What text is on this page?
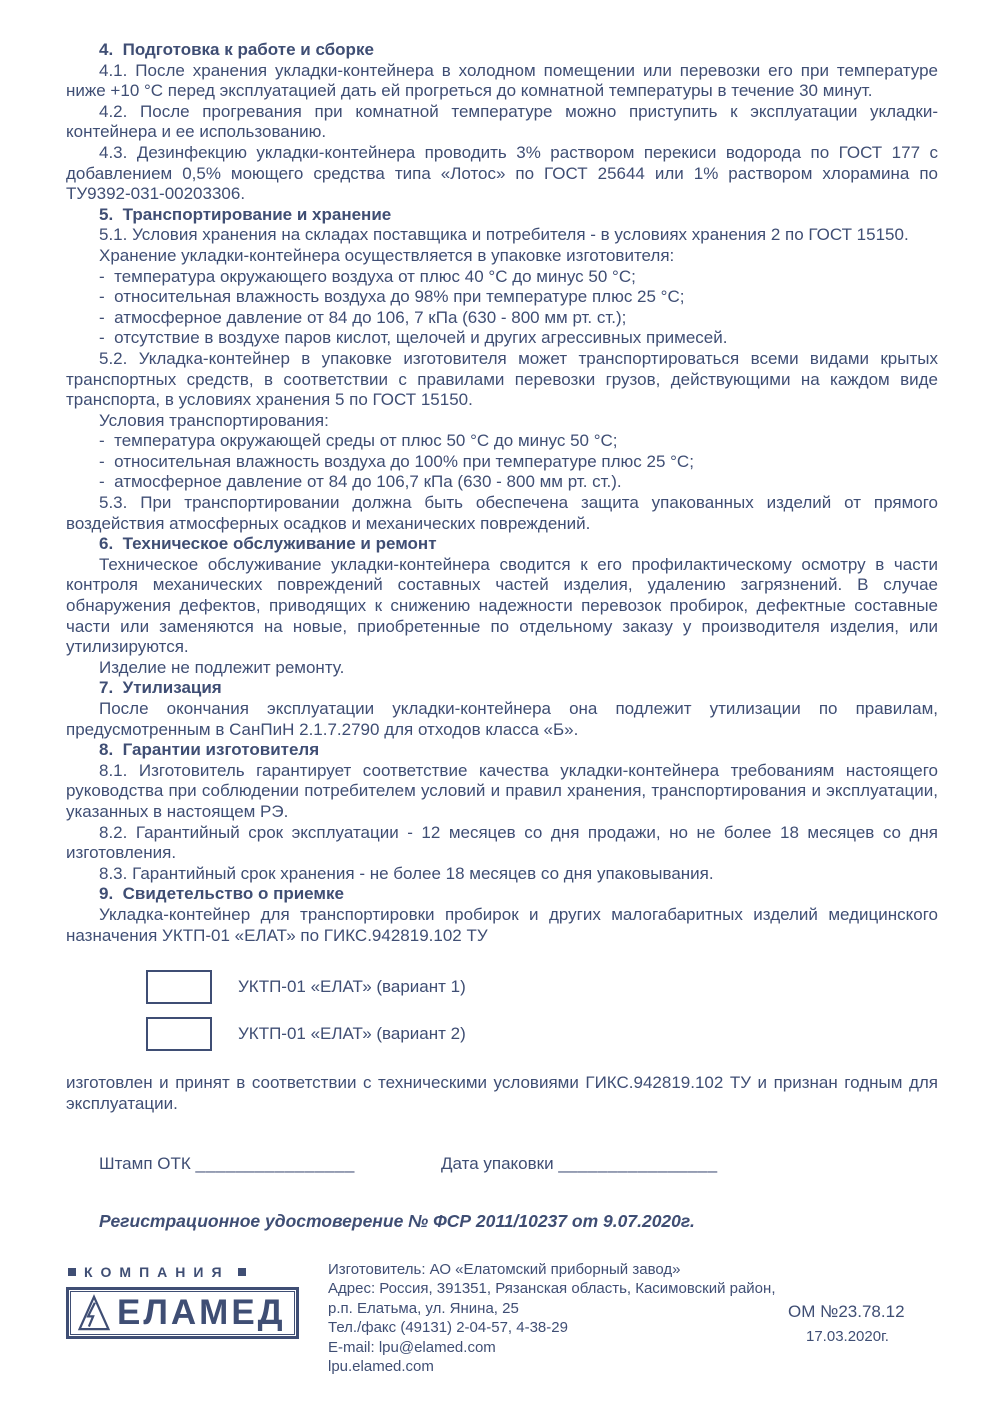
4.  Подготовка к работе и сборке

4.1. После хранения укладки-контейнера в холодном помещении или перевозки его при температуре ниже +10 °С перед эксплуатацией дать ей прогреться до комнатной температуры в течение 30 минут.

4.2. После прогревания при комнатной температуре можно приступить к эксплуатации укладки-контейнера и ее использованию.

4.3. Дезинфекцию укладки-контейнера проводить 3% раствором перекиси водорода по ГОСТ 177 с добавлением 0,5% моющего средства типа «Лотос» по ГОСТ 25644 или 1% раствором хлорамина по ТУ9392-031-00203306.

5.  Транспортирование и хранение

5.1. Условия хранения на складах поставщика и потребителя - в условиях хранения 2 по ГОСТ 15150.

Хранение укладки-контейнера осуществляется в упаковке изготовителя:

-  температура окружающего воздуха от плюс 40 °С до минус 50 °С;
-  относительная влажность воздуха до 98% при температуре плюс 25 °С;
-  атмосферное давление от 84 до 106, 7 кПа (630 - 800 мм рт. ст.);
-  отсутствие в воздухе паров кислот, щелочей и других агрессивных примесей.

5.2. Укладка-контейнер в упаковке изготовителя может транспортироваться всеми видами крытых транспортных средств, в соответствии с правилами перевозки грузов, действующими на каждом виде транспорта, в условиях хранения 5 по ГОСТ 15150.

Условия транспортирования:

-  температура окружающей среды от плюс 50 °С до минус 50 °С;
-  относительная влажность воздуха до 100% при температуре плюс 25 °С;
-  атмосферное давление от 84 до 106,7 кПа (630 - 800 мм рт. ст.).

5.3. При транспортировании должна быть обеспечена защита упакованных изделий от прямого воздействия атмосферных осадков и механических повреждений.

6.  Техническое обслуживание и ремонт

Техническое обслуживание укладки-контейнера сводится к его профилактическому осмотру в части контроля механических повреждений составных частей изделия, удалению загрязнений. В случае обнаружения дефектов, приводящих к снижению надежности перевозок пробирок, дефектные составные части или заменяются на новые, приобретенные по отдельному заказу у производителя изделия, или утилизируются.

Изделие не подлежит ремонту.

7.  Утилизация

После окончания эксплуатации укладки-контейнера она подлежит утилизации по правилам, предусмотренным в СанПиН 2.1.7.2790 для отходов класса «Б».

8.  Гарантии изготовителя

8.1. Изготовитель гарантирует соответствие качества укладки-контейнера требованиям настоящего руководства при соблюдении потребителем условий и правил хранения, транспортирования и эксплуатации, указанных в настоящем РЭ.

8.2. Гарантийный срок эксплуатации - 12 месяцев со дня продажи, но не более 18 месяцев со дня изготовления.

8.3. Гарантийный срок хранения - не более 18 месяцев со дня упаковывания.

9.  Свидетельство о приемке

Укладка-контейнер для транспортировки пробирок и других малогабаритных изделий медицинского назначения УКТП-01 «ЕЛАТ» по ГИКС.942819.102 ТУ

УКТП-01 «ЕЛАТ» (вариант 1)
УКТП-01 «ЕЛАТ» (вариант 2)

изготовлен и принят в соответствии с техническими условиями ГИКС.942819.102 ТУ и признан годным для эксплуатации.

Штамп ОТК ________________	Дата упаковки ________________

Регистрационное удостоверение № ФСР 2011/10237 от 9.07.2020г.

КОМПАНИЯ
ЕЛАМЕД
Изготовитель: АО «Елатомский приборный завод»
Адрес: Россия, 391351, Рязанская область, Касимовский район,
р.п. Елатьма, ул. Янина, 25
Тел./факс (49131) 2-04-57, 4-38-29
E-mail: lpu@elamed.com
lpu.elamed.com
ОМ №23.78.12
17.03.2020г.
